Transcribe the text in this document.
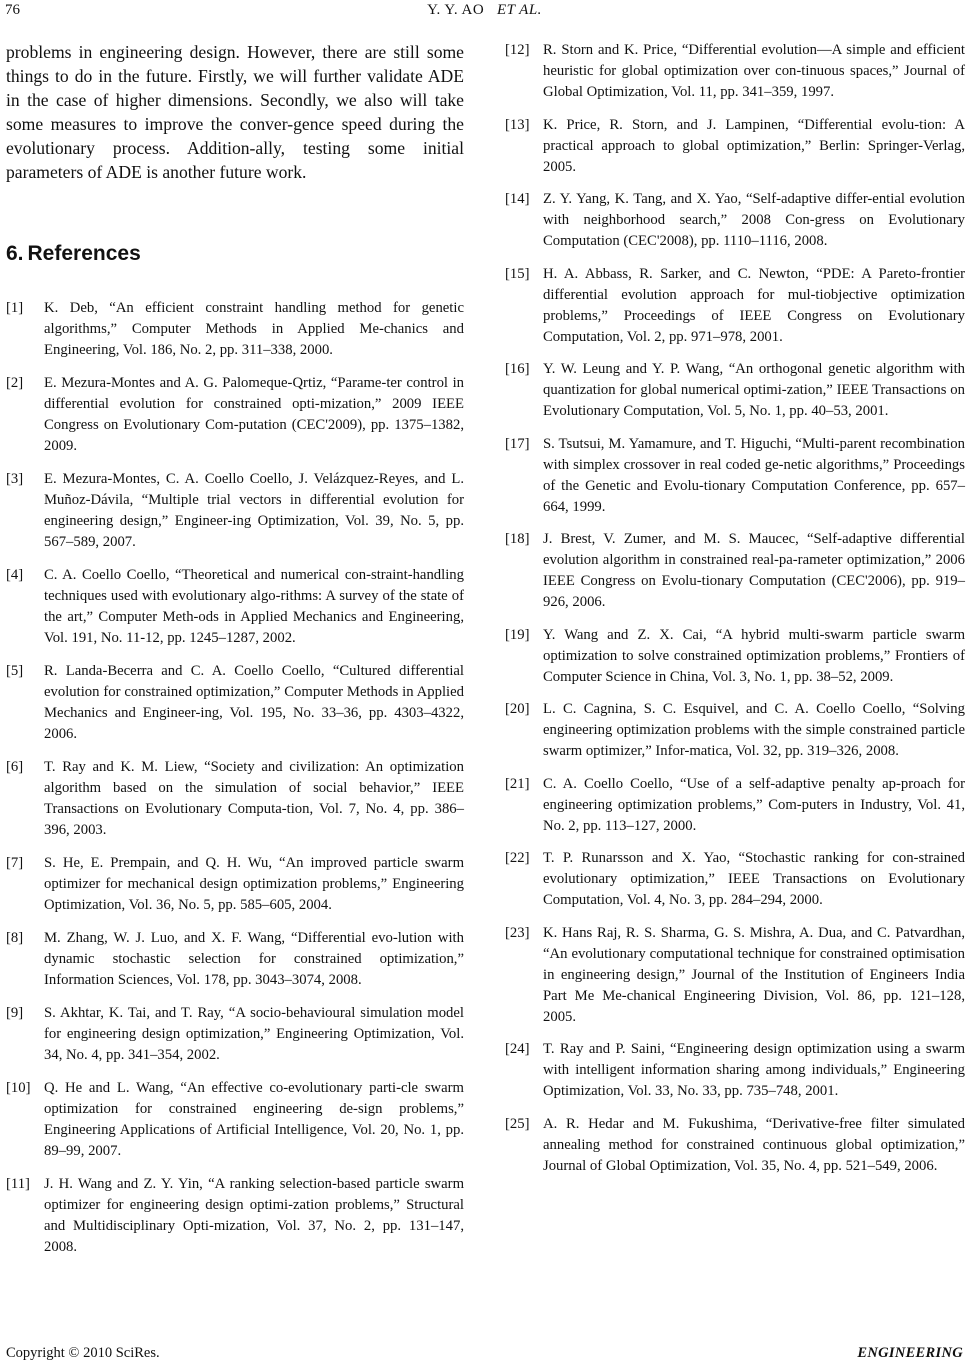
76	Y. Y. AO ET AL.

problems in engineering design. However, there are still some things to do in the future. Firstly, we will further validate ADE in the case of higher dimensions. Secondly, we also will take some measures to improve the conver-gence speed during the evolutionary process. Addition-ally, testing some initial parameters of ADE is another future work.

6. References
[1]	K. Deb, “An efficient constraint handling method for genetic algorithms,” Computer Methods in Applied Me-chanics and Engineering, Vol. 186, No. 2, pp. 311–338, 2000.
[2]	E. Mezura-Montes and A. G. Palomeque-Qrtiz, “Parame-ter control in differential evolution for constrained opti-mization,” 2009 IEEE Congress on Evolutionary Com-putation (CEC'2009), pp. 1375–1382, 2009.
[3]	E. Mezura-Montes, C. A. Coello Coello, J. Velázquez-Reyes, and L. Muñoz-Dávila, “Multiple trial vectors in differential evolution for engineering design,” Engineer-ing Optimization, Vol. 39, No. 5, pp. 567–589, 2007.
[4]	C. A. Coello Coello, “Theoretical and numerical con-straint-handling techniques used with evolutionary algo-rithms: A survey of the state of the art,” Computer Meth-ods in Applied Mechanics and Engineering, Vol. 191, No. 11-12, pp. 1245–1287, 2002.
[5]	R. Landa-Becerra and C. A. Coello Coello, “Cultured differential evolution for constrained optimization,” Computer Methods in Applied Mechanics and Engineer-ing, Vol. 195, No. 33–36, pp. 4303–4322, 2006.
[6]	T. Ray and K. M. Liew, “Society and civilization: An optimization algorithm based on the simulation of social behavior,” IEEE Transactions on Evolutionary Computa-tion, Vol. 7, No. 4, pp. 386–396, 2003.
[7]	S. He, E. Prempain, and Q. H. Wu, “An improved particle swarm optimizer for mechanical design optimization problems,” Engineering Optimization, Vol. 36, No. 5, pp. 585–605, 2004.
[8]	M. Zhang, W. J. Luo, and X. F. Wang, “Differential evo-lution with dynamic stochastic selection for constrained optimization,” Information Sciences, Vol. 178, pp. 3043–3074, 2008.
[9]	S. Akhtar, K. Tai, and T. Ray, “A socio-behavioural simulation model for engineering design optimization,” Engineering Optimization, Vol. 34, No. 4, pp. 341–354, 2002.
[10] Q. He and L. Wang, “An effective co-evolutionary parti-cle swarm optimization for constrained engineering de-sign problems,” Engineering Applications of Artificial Intelligence, Vol. 20, No. 1, pp. 89–99, 2007.
[11] J. H. Wang and Z. Y. Yin, “A ranking selection-based particle swarm optimizer for engineering design optimi-zation problems,” Structural and Multidisciplinary Opti-mization, Vol. 37, No. 2, pp. 131–147, 2008.
[12] R. Storn and K. Price, “Differential evolution—A simple and efficient heuristic for global optimization over con-tinuous spaces,” Journal of Global Optimization, Vol. 11, pp. 341–359, 1997.
[13] K. Price, R. Storn, and J. Lampinen, “Differential evolu-tion: A practical approach to global optimization,” Berlin: Springer-Verlag, 2005.
[14] Z. Y. Yang, K. Tang, and X. Yao, “Self-adaptive differ-ential evolution with neighborhood search,” 2008 Con-gress on Evolutionary Computation (CEC'2008), pp. 1110–1116, 2008.
[15] H. A. Abbass, R. Sarker, and C. Newton, “PDE: A Pareto-frontier differential evolution approach for mul-tiobjective optimization problems,” Proceedings of IEEE Congress on Evolutionary Computation, Vol. 2, pp. 971–978, 2001.
[16] Y. W. Leung and Y. P. Wang, “An orthogonal genetic algorithm with quantization for global numerical optimi-zation,” IEEE Transactions on Evolutionary Computation, Vol. 5, No. 1, pp. 40–53, 2001.
[17] S. Tsutsui, M. Yamamure, and T. Higuchi, “Multi-parent recombination with simplex crossover in real coded ge-netic algorithms,” Proceedings of the Genetic and Evolu-tionary Computation Conference, pp. 657–664, 1999.
[18] J. Brest, V. Zumer, and M. S. Maucec, “Self-adaptive differential evolution algorithm in constrained real-pa-rameter optimization,” 2006 IEEE Congress on Evolu-tionary Computation (CEC'2006), pp. 919–926, 2006.
[19] Y. Wang and Z. X. Cai, “A hybrid multi-swarm particle swarm optimization to solve constrained optimization problems,” Frontiers of Computer Science in China, Vol. 3, No. 1, pp. 38–52, 2009.
[20] L. C. Cagnina, S. C. Esquivel, and C. A. Coello Coello, “Solving engineering optimization problems with the simple constrained particle swarm optimizer,” Infor-matica, Vol. 32, pp. 319–326, 2008.
[21] C. A. Coello Coello, “Use of a self-adaptive penalty ap-proach for engineering optimization problems,” Com-puters in Industry, Vol. 41, No. 2, pp. 113–127, 2000.
[22] T. P. Runarsson and X. Yao, “Stochastic ranking for con-strained evolutionary optimization,” IEEE Transactions on Evolutionary Computation, Vol. 4, No. 3, pp. 284–294, 2000.
[23] K. Hans Raj, R. S. Sharma, G. S. Mishra, A. Dua, and C. Patvardhan, “An evolutionary computational technique for constrained optimisation in engineering design,” Journal of the Institution of Engineers India Part Me Me-chanical Engineering Division, Vol. 86, pp. 121–128, 2005.
[24] T. Ray and P. Saini, “Engineering design optimization using a swarm with intelligent information sharing among individuals,” Engineering Optimization, Vol. 33, No. 33, pp. 735–748, 2001.
[25] A. R. Hedar and M. Fukushima, “Derivative-free filter simulated annealing method for constrained continuous global optimization,” Journal of Global Optimization, Vol. 35, No. 4, pp. 521–549, 2006.
Copyright © 2010 SciRes.	ENGINEERING
